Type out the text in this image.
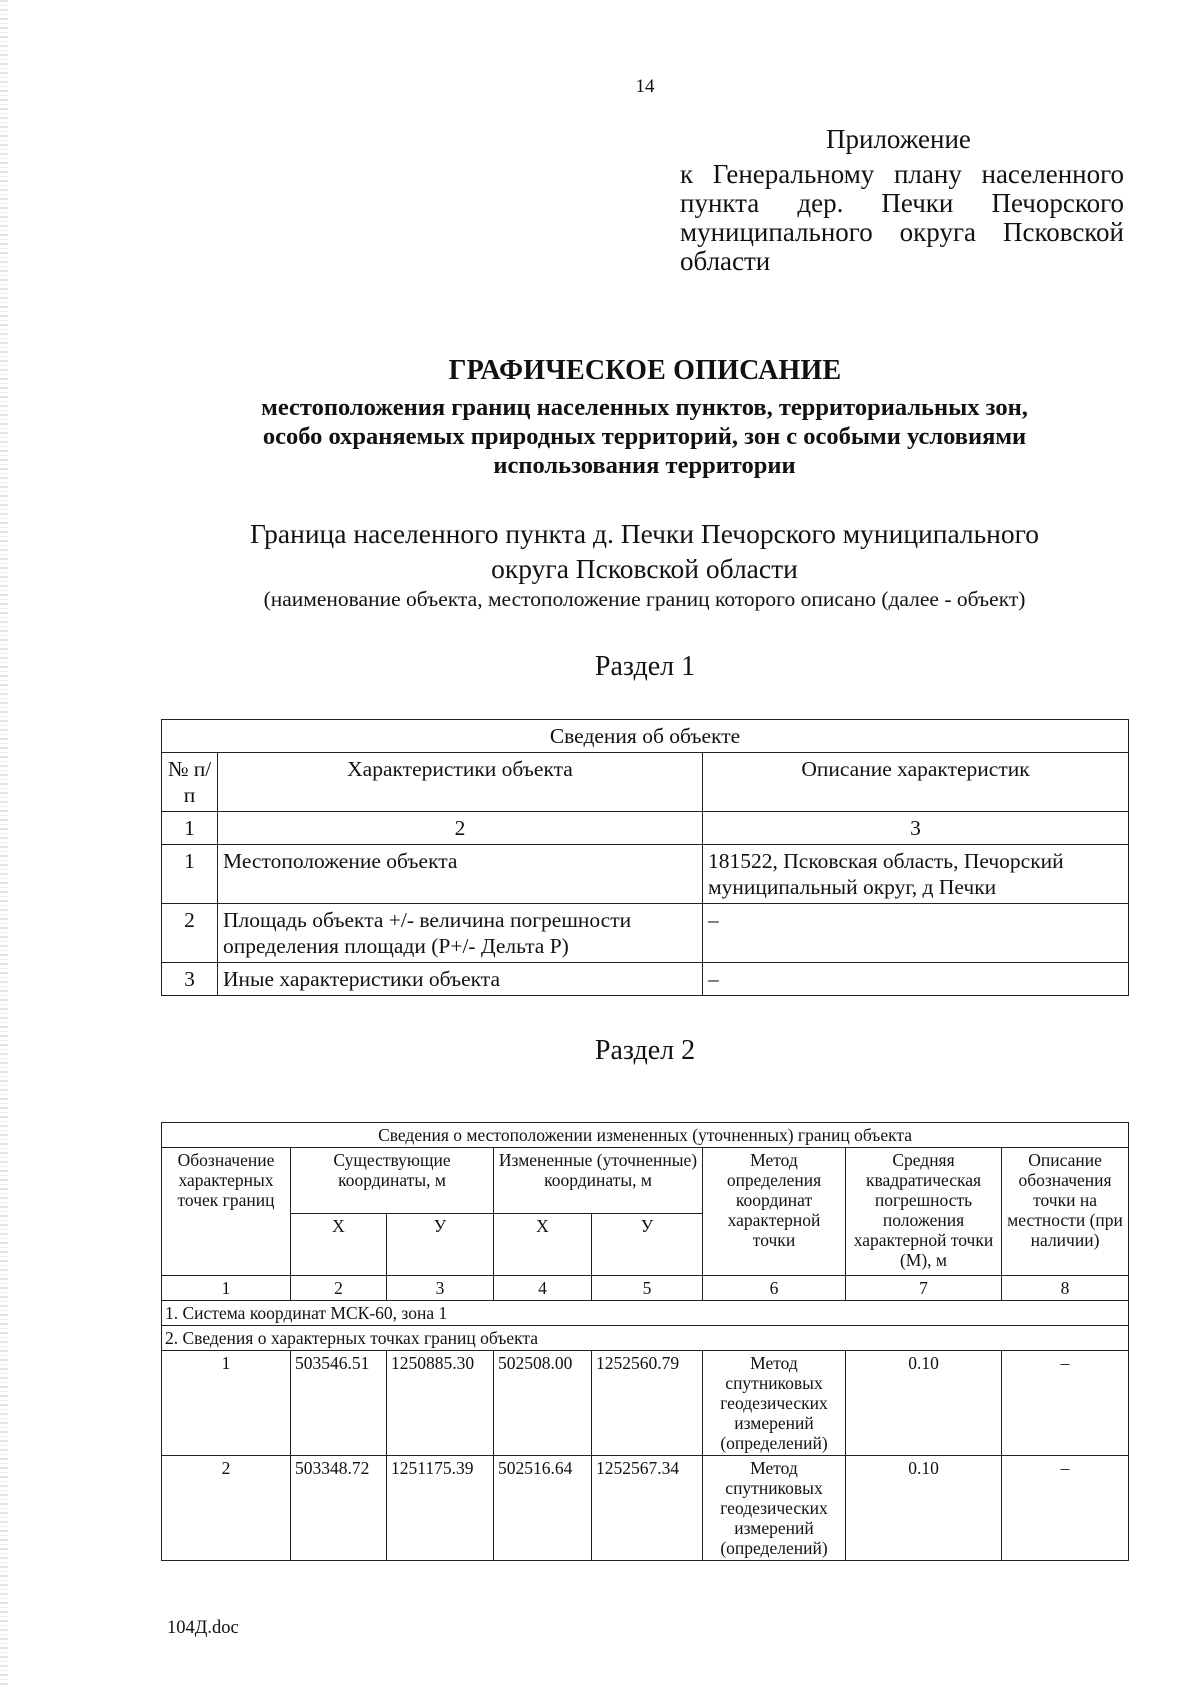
14
Приложение
к Генеральному плану населенного
пункта дер. Печки Печорского
муниципального округа Псковской
области
ГРАФИЧЕСКОЕ ОПИСАНИЕ
местоположения границ населенных пунктов, территориальных зон,
особо охраняемых природных территорий, зон с особыми условиями
использования территории
Граница населенного пункта д. Печки Печорского муниципального
округа Псковской области
(наименование объекта, местоположение границ которого описано (далее - объект)
Раздел 1
Сведения об объекте		
№ п/п	Характеристики объекта	Описание характеристик
1	2	3
1	Местоположение объекта	181522, Псковская область, Печорский муниципальный округ, д Печки
2	Площадь объекта +/- величина погрешности определения площади (P+/- Дельта P)	–
3	Иные характеристики объекта	–
Раздел 2
Сведения о местоположении измененных (уточненных) границ объекта							
Обозначение характерных точек границ	Существующие координаты, м		Измененные (уточненные) координаты, м		Метод определения координат характерной точки	Средняя квадратическая погрешность положения характерной точки (М), м	Описание обозначения точки на местности (при наличии)
	X	У	X	У			
1	2	3	4	5	6	7	8
1. Система координат МСК-60, зона 1							
2. Сведения о характерных точках границ объекта							
1	503546.51	1250885.30	502508.00	1252560.79	Метод спутниковых геодезических измерений (определений)	0.10	–
2	503348.72	1251175.39	502516.64	1252567.34	Метод спутниковых геодезических измерений (определений)	0.10	–
104Д.doc
